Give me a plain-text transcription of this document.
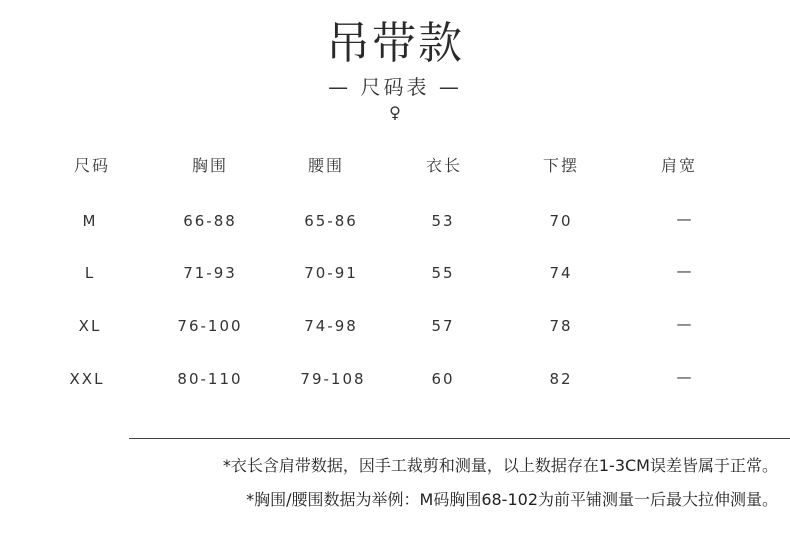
吊带款
— 尺码表 —
♀
尺码	胸围	腰围	衣长	下摆	肩宽
M	66-88	65-86	53	70	—
L	71-93	70-91	55	74	—
XL	76-100	74-98	57	78	—
XXL	80-110	79-108	60	82	—
*衣长含肩带数据，因手工裁剪和测量，以上数据存在1-3CM误差皆属于正常。
*胸围/腰围数据为举例：M码胸围68-102为前平铺测量一后最大拉伸测量。
